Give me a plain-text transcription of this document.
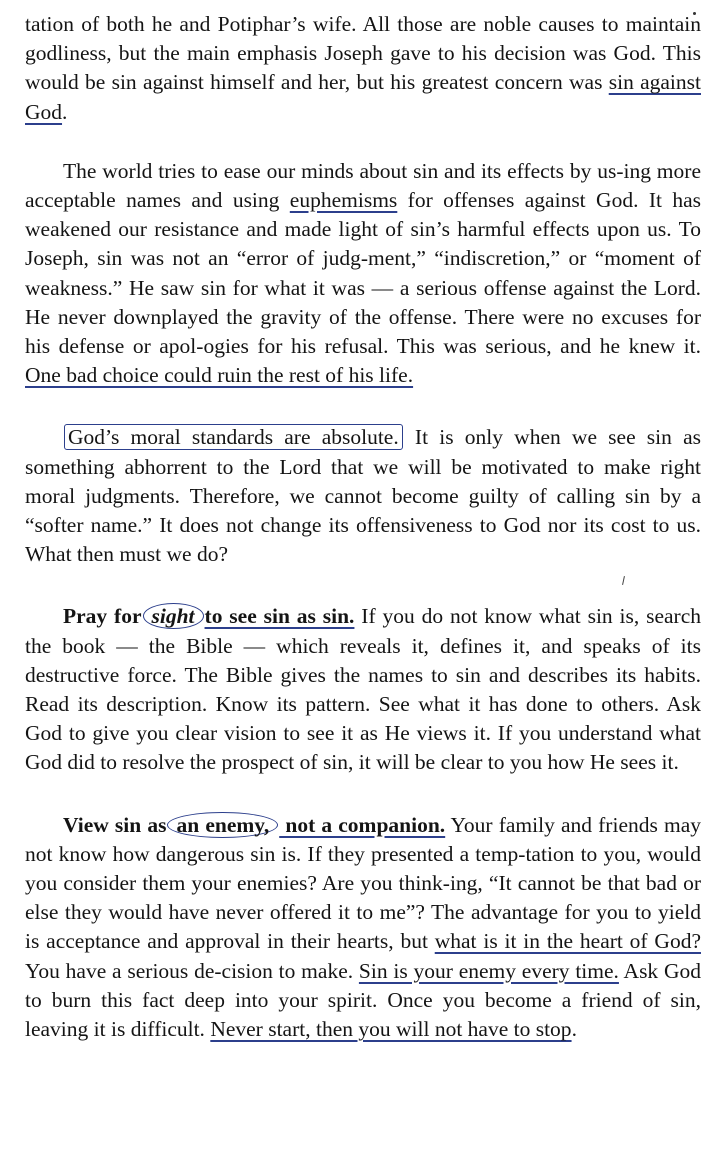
tation of both he and Potiphar’s wife. All those are noble causes to maintain godliness, but the main emphasis Joseph gave to his decision was God. This would be sin against himself and her, but his greatest concern was sin against God.

The world tries to ease our minds about sin and its effects by us-ing more acceptable names and using euphemisms for offenses against God. It has weakened our resistance and made light of sin’s harmful effects upon us. To Joseph, sin was not an “error of judg-ment,” “indiscretion,” or “moment of weakness.” He saw sin for what it was — a serious offense against the Lord. He never downplayed the gravity of the offense. There were no excuses for his defense or apol-ogies for his refusal. This was serious, and he knew it. One bad choice could ruin the rest of his life.

God’s moral standards are absolute. It is only when we see sin as something abhorrent to the Lord that we will be motivated to make right moral judgments. Therefore, we cannot become guilty of calling sin by a “softer name.” It does not change its offensiveness to God nor its cost to us. What then must we do?

Pray for sight to see sin as sin. If you do not know what sin is, search the book — the Bible — which reveals it, defines it, and speaks of its destructive force. The Bible gives the names to sin and describes its habits. Read its description. Know its pattern. See what it has done to others. Ask God to give you clear vision to see it as He views it. If you understand what God did to resolve the prospect of sin, it will be clear to you how He sees it.

View sin as an enemy, not a companion. Your family and friends may not know how dangerous sin is. If they presented a temp-tation to you, would you consider them your enemies? Are you think-ing, “It cannot be that bad or else they would have never offered it to me”? The advantage for you to yield is acceptance and approval in their hearts, but what is it in the heart of God? You have a serious de-cision to make. Sin is your enemy every time. Ask God to burn this fact deep into your spirit. Once you become a friend of sin, leaving it is difficult. Never start, then you will not have to stop.
